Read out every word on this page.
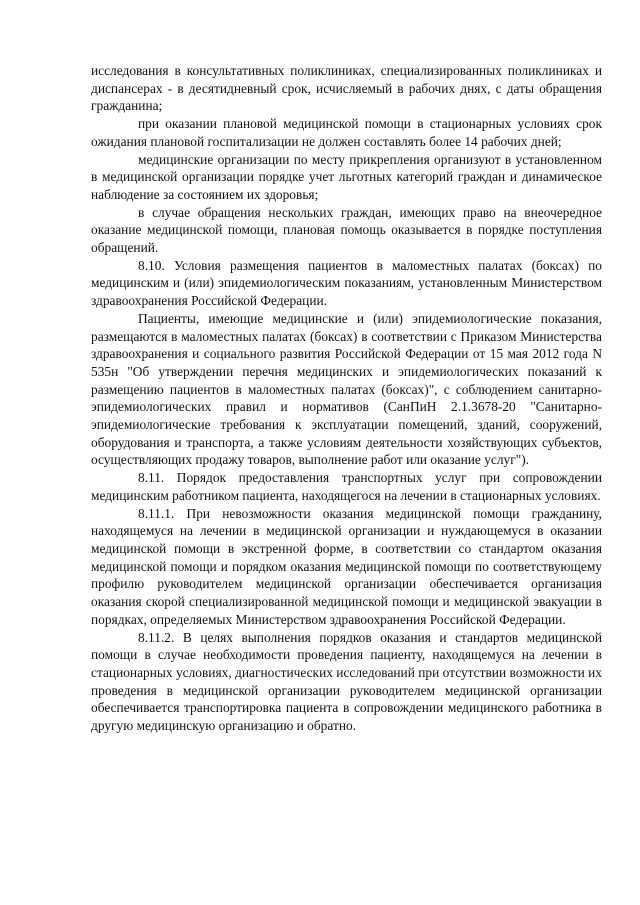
исследования в консультативных поликлиниках, специализированных поликлиниках и диспансерах - в десятидневный срок, исчисляемый в рабочих днях, с даты обращения гражданина;

при оказании плановой медицинской помощи в стационарных условиях срок ожидания плановой госпитализации не должен составлять более 14 рабочих дней;

медицинские организации по месту прикрепления организуют в установленном в медицинской организации порядке учет льготных категорий граждан и динамическое наблюдение за состоянием их здоровья;

в случае обращения нескольких граждан, имеющих право на внеочередное оказание медицинской помощи, плановая помощь оказывается в порядке поступления обращений.

8.10. Условия размещения пациентов в маломестных палатах (боксах) по медицинским и (или) эпидемиологическим показаниям, установленным Министерством здравоохранения Российской Федерации.

Пациенты, имеющие медицинские и (или) эпидемиологические показания, размещаются в маломестных палатах (боксах) в соответствии с Приказом Министерства здравоохранения и социального развития Российской Федерации от 15 мая 2012 года N 535н "Об утверждении перечня медицинских и эпидемиологических показаний к размещению пациентов в маломестных палатах (боксах)", с соблюдением санитарно-эпидемиологических правил и нормативов (СанПиН 2.1.3678-20 "Санитарно-эпидемиологические требования к эксплуатации помещений, зданий, сооружений, оборудования и транспорта, а также условиям деятельности хозяйствующих субъектов, осуществляющих продажу товаров, выполнение работ или оказание услуг").

8.11. Порядок предоставления транспортных услуг при сопровождении медицинским работником пациента, находящегося на лечении в стационарных условиях.

8.11.1. При невозможности оказания медицинской помощи гражданину, находящемуся на лечении в медицинской организации и нуждающемуся в оказании медицинской помощи в экстренной форме, в соответствии со стандартом оказания медицинской помощи и порядком оказания медицинской помощи по соответствующему профилю руководителем медицинской организации обеспечивается организация оказания скорой специализированной медицинской помощи и медицинской эвакуации в порядках, определяемых Министерством здравоохранения Российской Федерации.

8.11.2. В целях выполнения порядков оказания и стандартов медицинской помощи в случае необходимости проведения пациенту, находящемуся на лечении в стационарных условиях, диагностических исследований при отсутствии возможности их проведения в медицинской организации руководителем медицинской организации обеспечивается транспортировка пациента в сопровождении медицинского работника в другую медицинскую организацию и обратно.
